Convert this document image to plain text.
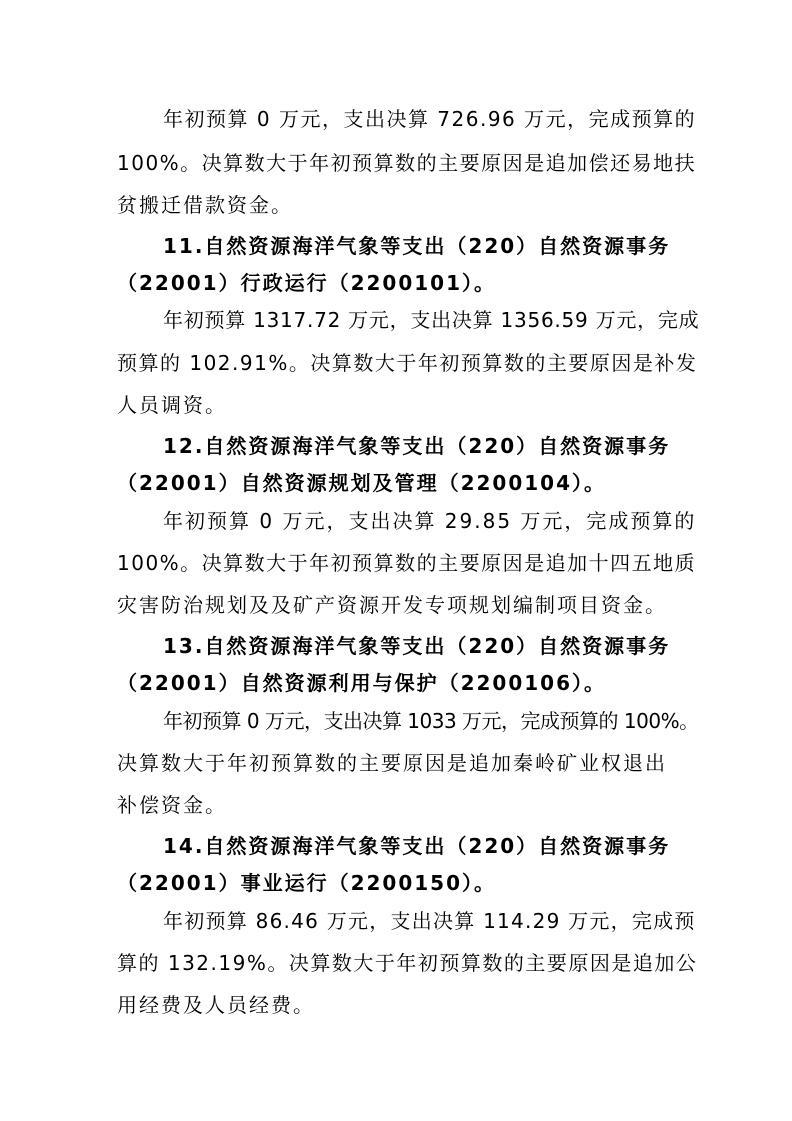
年初预算 0 万元，支出决算 726.96 万元，完成预算的
100%。决算数大于年初预算数的主要原因是追加偿还易地扶
贫搬迁借款资金。
11.自然资源海洋气象等支出（220）自然资源事务
（22001）行政运行（2200101）。
年初预算 1317.72 万元，支出决算 1356.59 万元，完成
预算的 102.91%。决算数大于年初预算数的主要原因是补发
人员调资。
12.自然资源海洋气象等支出（220）自然资源事务
（22001）自然资源规划及管理（2200104）。
年初预算 0 万元，支出决算 29.85 万元，完成预算的
100%。决算数大于年初预算数的主要原因是追加十四五地质
灾害防治规划及及矿产资源开发专项规划编制项目资金。
13.自然资源海洋气象等支出（220）自然资源事务
（22001）自然资源利用与保护（2200106）。
年初预算 0 万元，支出决算 1033 万元，完成预算的 100%。
决算数大于年初预算数的主要原因是追加秦岭矿业权退出
补偿资金。
14.自然资源海洋气象等支出（220）自然资源事务
（22001）事业运行（2200150）。
年初预算 86.46 万元，支出决算 114.29 万元，完成预
算的 132.19%。决算数大于年初预算数的主要原因是追加公
用经费及人员经费。
